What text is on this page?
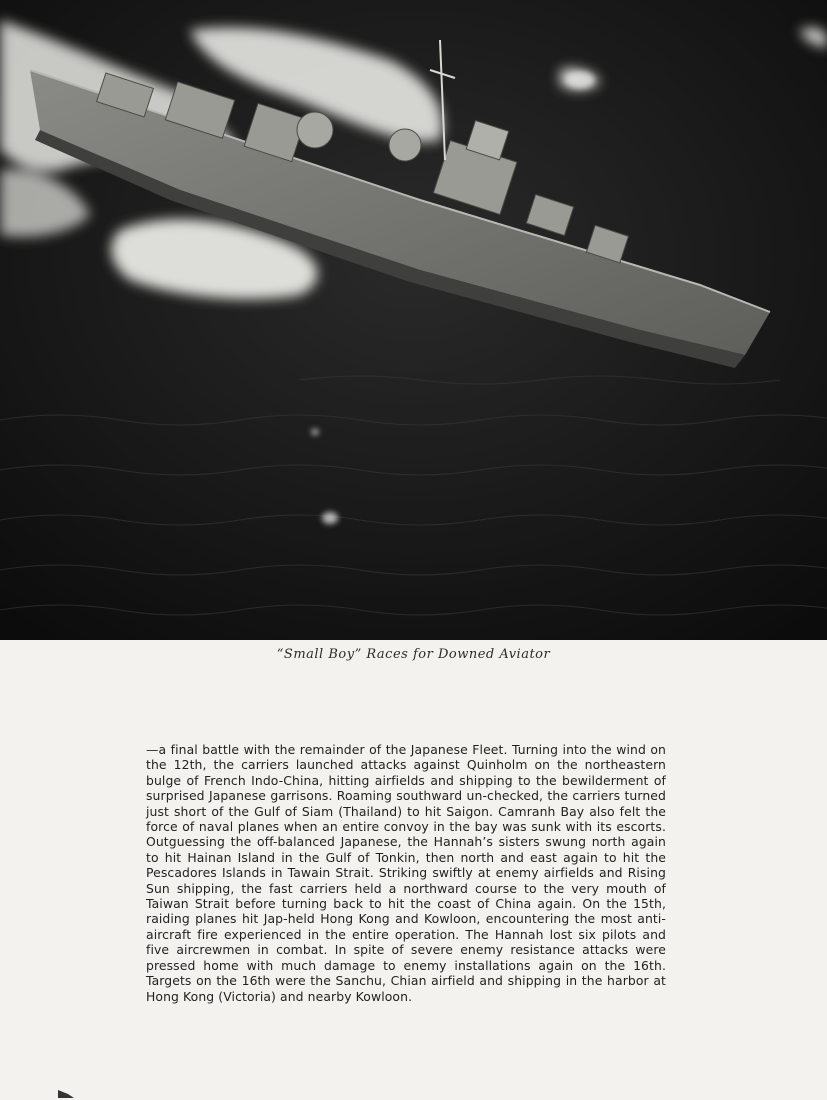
“Small Boy” Races for Downed Aviator
—a final battle with the remainder of the Japanese Fleet. Turning into the wind on the 12th, the carriers launched attacks against Quinholm on the northeastern bulge of French Indo-China, hitting airfields and shipping to the bewilderment of surprised Japanese garrisons. Roaming southward un-checked, the carriers turned just short of the Gulf of Siam (Thailand) to hit Saigon. Camranh Bay also felt the force of naval planes when an entire convoy in the bay was sunk with its escorts. Outguessing the off-balanced Japanese, the Hannah’s sisters swung north again to hit Hainan Island in the Gulf of Tonkin, then north and east again to hit the Pescadores Islands in Tawain Strait. Striking swiftly at enemy airfields and Rising Sun shipping, the fast carriers held a northward course to the very mouth of Taiwan Strait before turning back to hit the coast of China again. On the 15th, raiding planes hit Jap-held Hong Kong and Kowloon, encountering the most anti-aircraft fire experienced in the entire operation. The Hannah lost six pilots and five aircrewmen in combat. In spite of severe enemy resistance attacks were pressed home with much damage to enemy installations again on the 16th. Targets on the 16th were the Sanchu, Chian airfield and shipping in the harbor at Hong Kong (Victoria) and nearby Kowloon.
